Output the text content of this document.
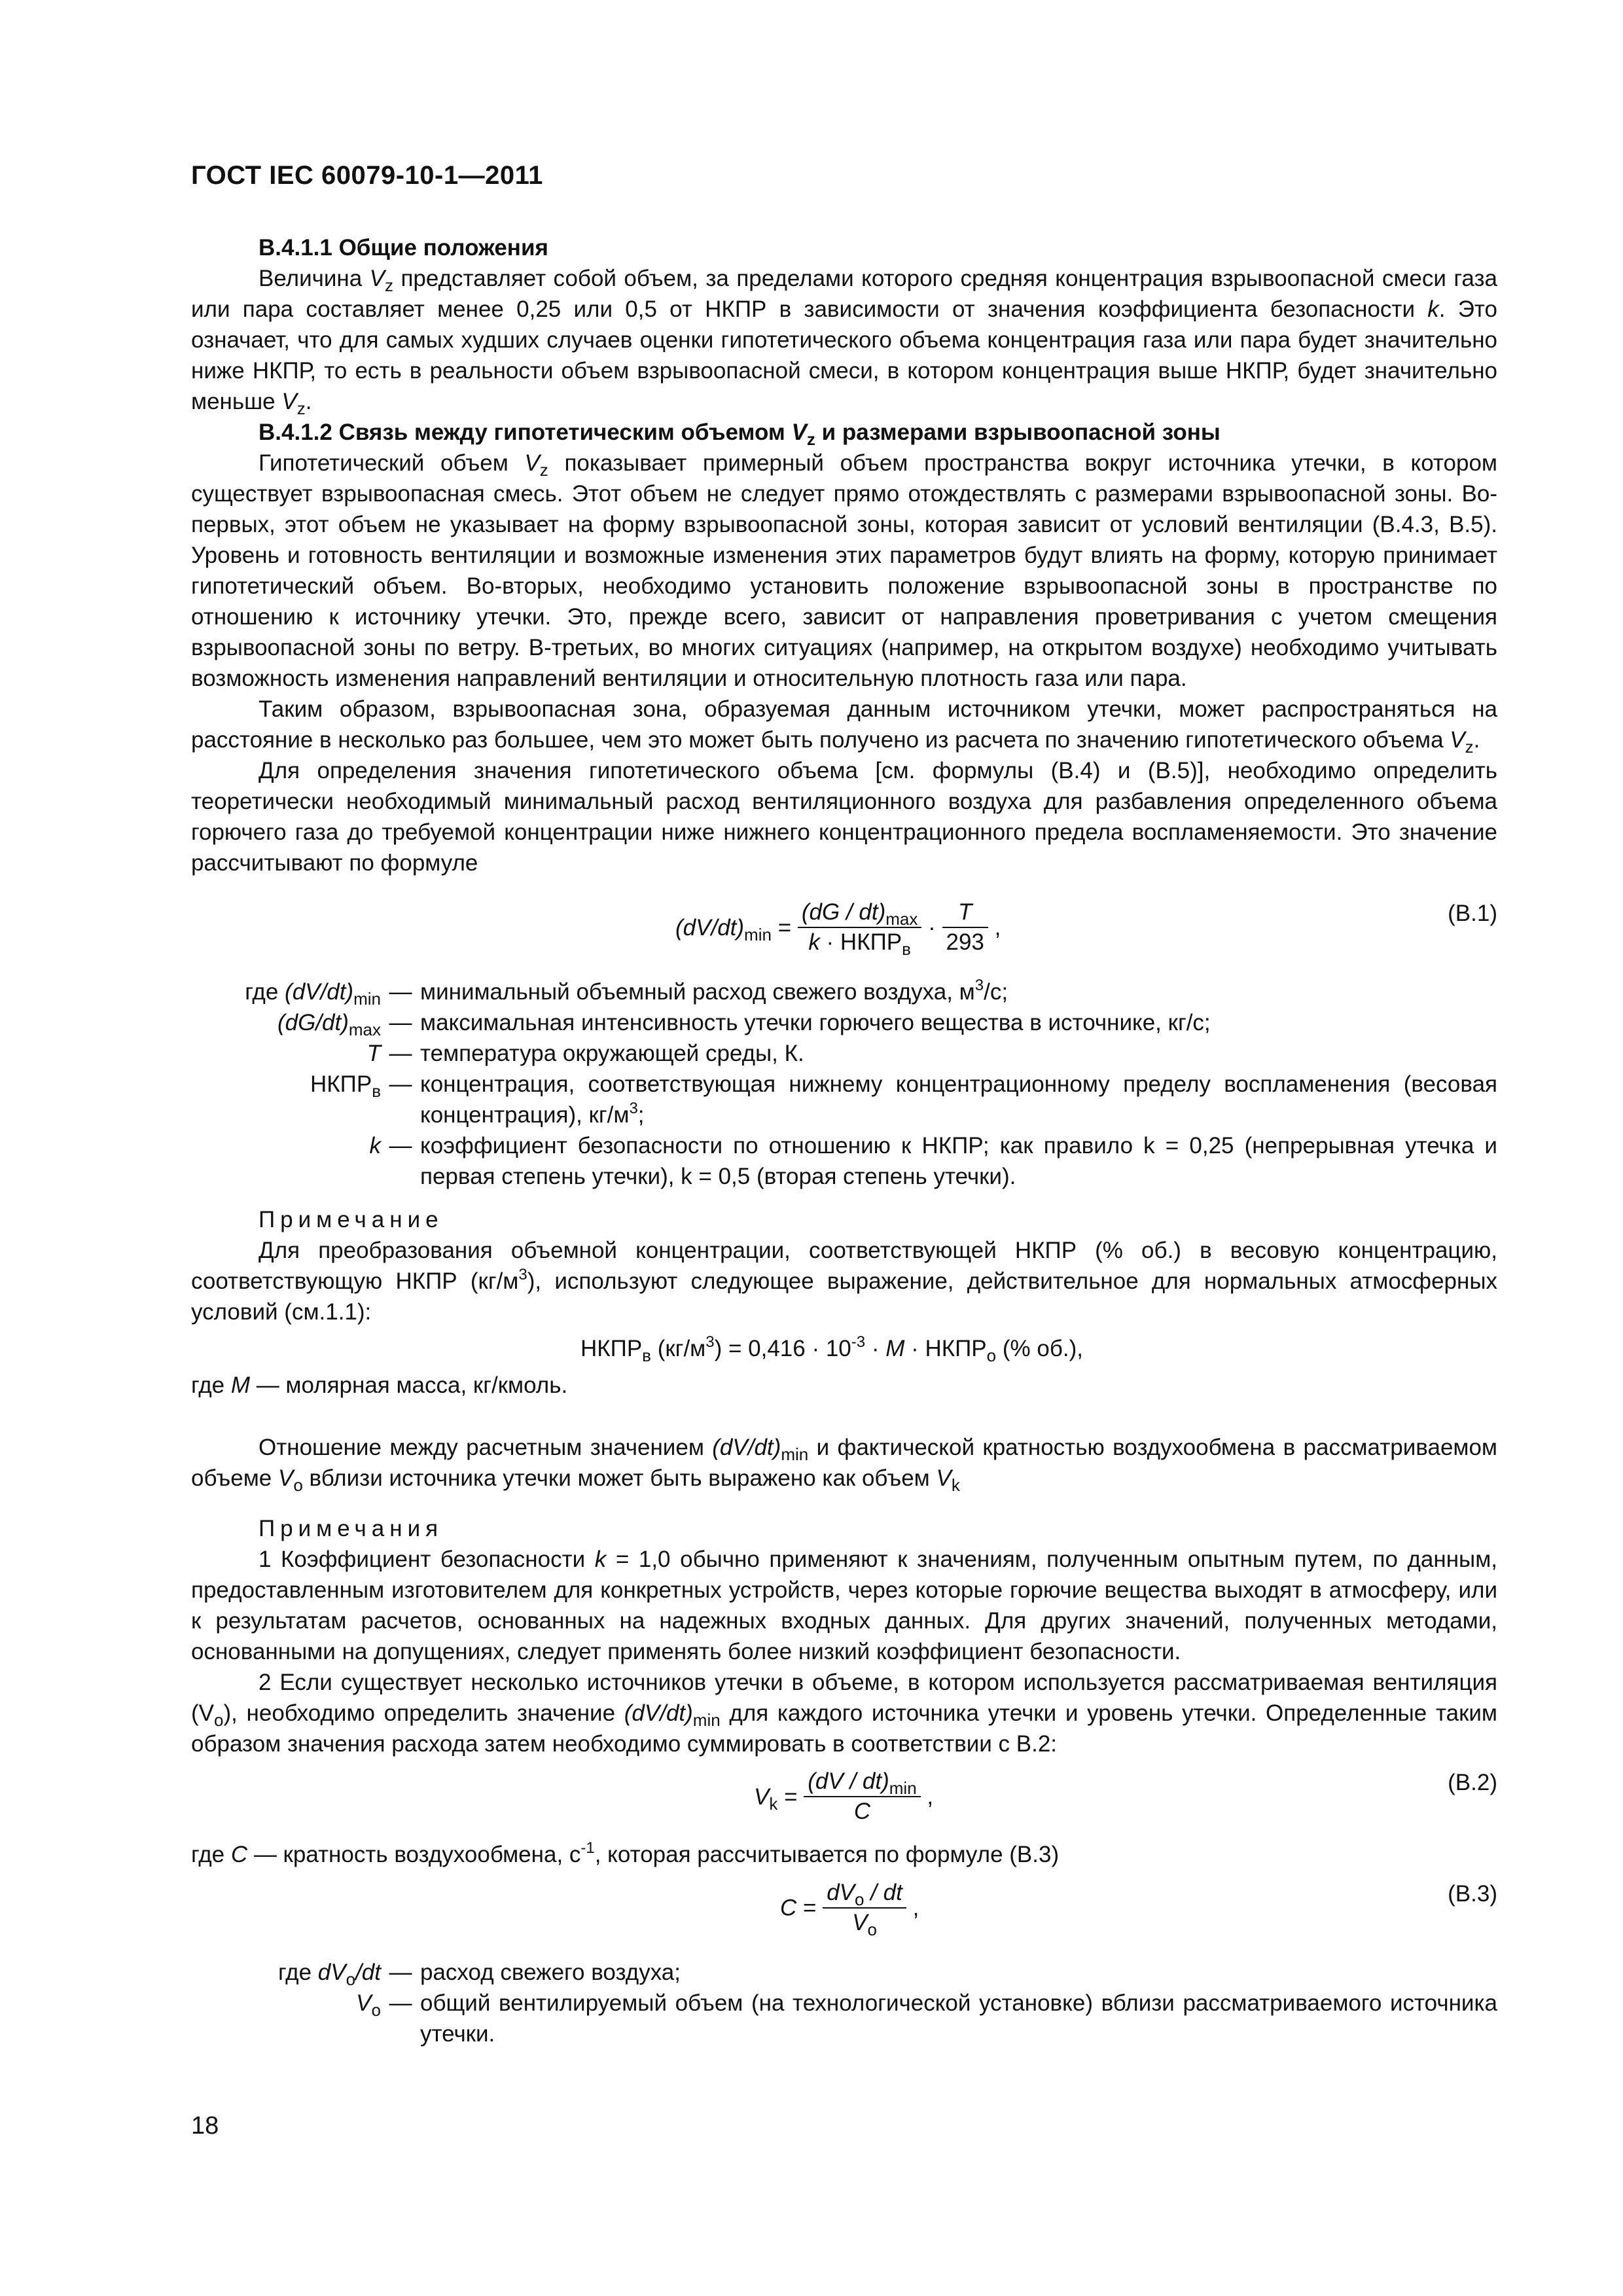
ГОСТ IEC 60079-10-1—2011

В.4.1.1 Общие положения

Величина $V_z$ представляет собой объем, за пределами которого средняя концентрация взрывоопасной смеси газа или пара составляет менее 0,25 или 0,5 от НКПР в зависимости от значения коэффициента безопасности k. Это означает, что для самых худших случаев оценки гипотетического объема концентрация газа или пара будет значительно ниже НКПР, то есть в реальности объем взрывоопасной смеси, в котором концентрация выше НКПР, будет значительно меньше $V_z$.

В.4.1.2 Связь между гипотетическим объемом $V_z$ и размерами взрывоопасной зоны

Гипотетический объем $V_z$ показывает примерный объем пространства вокруг источника утечки, в котором существует взрывоопасная смесь. Этот объем не следует прямо отождествлять с размерами взрывоопасной зоны. Во-первых, этот объем не указывает на форму взрывоопасной зоны, которая зависит от условий вентиляции (В.4.3, В.5). Уровень и готовность вентиляции и возможные изменения этих параметров будут влиять на форму, которую принимает гипотетический объем. Во-вторых, необходимо установить положение взрывоопасной зоны в пространстве по отношению к источнику утечки. Это, прежде всего, зависит от направления проветривания с учетом смещения взрывоопасной зоны по ветру. В-третьих, во многих ситуациях (например, на открытом воздухе) необходимо учитывать возможность изменения направлений вентиляции и относительную плотность газа или пара.

Таким образом, взрывоопасная зона, образуемая данным источником утечки, может распространяться на расстояние в несколько раз большее, чем это может быть получено из расчета по значению гипотетического объема $V_z$.

Для определения значения гипотетического объема [см. формулы (В.4) и (В.5)], необходимо определить теоретически необходимый минимальный расход вентиляционного воздуха для разбавления определенного объема горючего газа до требуемой концентрации ниже нижнего концентрационного предела воспламеняемости. Это значение рассчитывают по формуле

$(dV/dt)_{min} = \frac{(dG / dt)_{max}}{k \cdot НКПР_в} \cdot \frac{T}{293}$ ,
(B.1)
где $(dV/dt)_{min}$ — минимальный объемный расход свежего воздуха, $м^3/с$;
$(dG/dt)_{max}$ — максимальная интенсивность утечки горючего вещества в источнике, кг/с;
T — температура окружающей среды, К.
$НКПР_в$ — концентрация, соответствующая нижнему концентрационному пределу воспламенения (весовая концентрация), $кг/м^3$;
k — коэффициент безопасности по отношению к НКПР; как правило k = 0,25 (непрерывная утечка и первая степень утечки), k = 0,5 (вторая степень утечки).

Примечание

Для преобразования объемной концентрации, соответствующей НКПР (% об.) в весовую концентрацию, соответствующую НКПР $(кг/м^3)$, используют следующее выражение, действительное для нормальных атмосферных условий (см.1.1):

$НКПР_в$ $(кг/м^3) = 0,416 \cdot 10^{-3} \cdot M$ · $НКПР_о$ (% об.),

где M — молярная масса, кг/кмоль.

Отношение между расчетным значением $(dV/dt)_{min}$ и фактической кратностью воздухообмена в рассматриваемом объеме $V_o$ вблизи источника утечки может быть выражено как объем $V_k$

Примечания

1 Коэффициент безопасности k = 1,0 обычно применяют к значениям, полученным опытным путем, по данным, предоставленным изготовителем для конкретных устройств, через которые горючие вещества выходят в атмосферу, или к результатам расчетов, основанных на надежных входных данных. Для других значений, полученных методами, основанными на допущениях, следует применять более низкий коэффициент безопасности.

2 Если существует несколько источников утечки в объеме, в котором используется рассматриваемая вентиляция $(V_o)$, необходимо определить значение $(dV/dt)_{min}$ для каждого источника утечки и уровень утечки. Определенные таким образом значения расхода затем необходимо суммировать в соответствии с В.2:

$V_k = \frac{(dV / dt)_{min}}{C}$ ,
(B.2)

где C — кратность воздухообмена, $с^{-1}$, которая рассчитывается по формуле (В.3)

$C = \frac{dV_o / dt}{V_o}$ ,
(B.3)
где $dV_o/dt$ — расход свежего воздуха;
$V_o$ — общий вентилируемый объем (на технологической установке) вблизи рассматриваемого источника утечки.
18
